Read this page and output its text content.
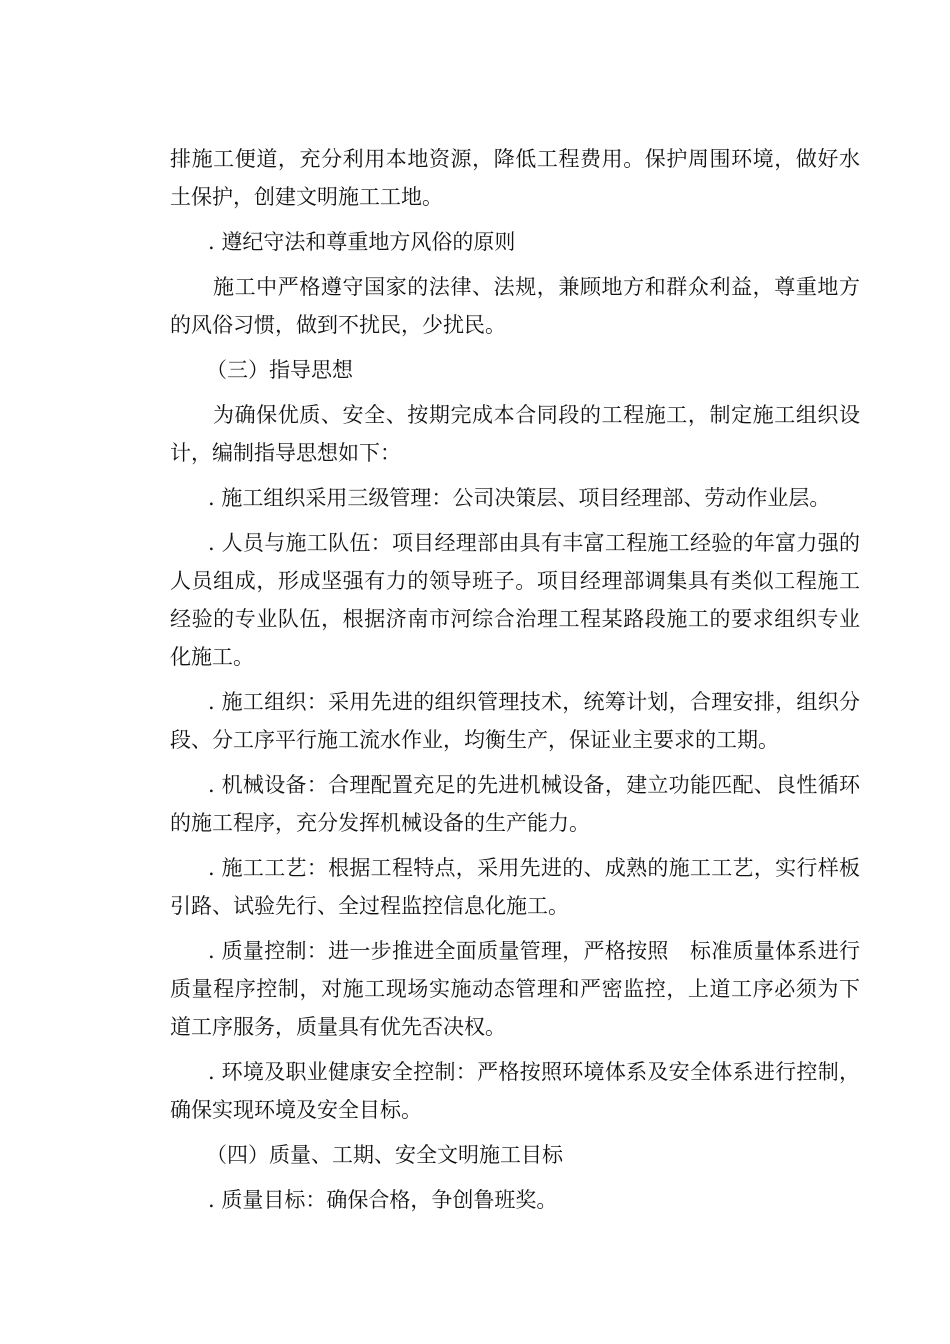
排施工便道，充分利用本地资源，降低工程费用。保护周围环境，做好水土保护，创建文明施工工地。

. 遵纪守法和尊重地方风俗的原则

施工中严格遵守国家的法律、法规，兼顾地方和群众利益，尊重地方的风俗习惯，做到不扰民，少扰民。

（三）指导思想

为确保优质、安全、按期完成本合同段的工程施工，制定施工组织设计，编制指导思想如下：

. 施工组织采用三级管理：公司决策层、项目经理部、劳动作业层。

. 人员与施工队伍：项目经理部由具有丰富工程施工经验的年富力强的人员组成，形成坚强有力的领导班子。项目经理部调集具有类似工程施工经验的专业队伍，根据济南市河综合治理工程某路段施工的要求组织专业化施工。

. 施工组织：采用先进的组织管理技术，统筹计划，合理安排，组织分段、分工序平行施工流水作业，均衡生产，保证业主要求的工期。

. 机械设备：合理配置充足的先进机械设备，建立功能匹配、良性循环的施工程序，充分发挥机械设备的生产能力。

. 施工工艺：根据工程特点，采用先进的、成熟的施工工艺，实行样板引路、试验先行、全过程监控信息化施工。

. 质量控制：进一步推进全面质量管理，严格按照　标准质量体系进行质量程序控制，对施工现场实施动态管理和严密监控，上道工序必须为下道工序服务，质量具有优先否决权。

. 环境及职业健康安全控制：严格按照环境体系及安全体系进行控制，确保实现环境及安全目标。

（四）质量、工期、安全文明施工目标

. 质量目标：确保合格，争创鲁班奖。
